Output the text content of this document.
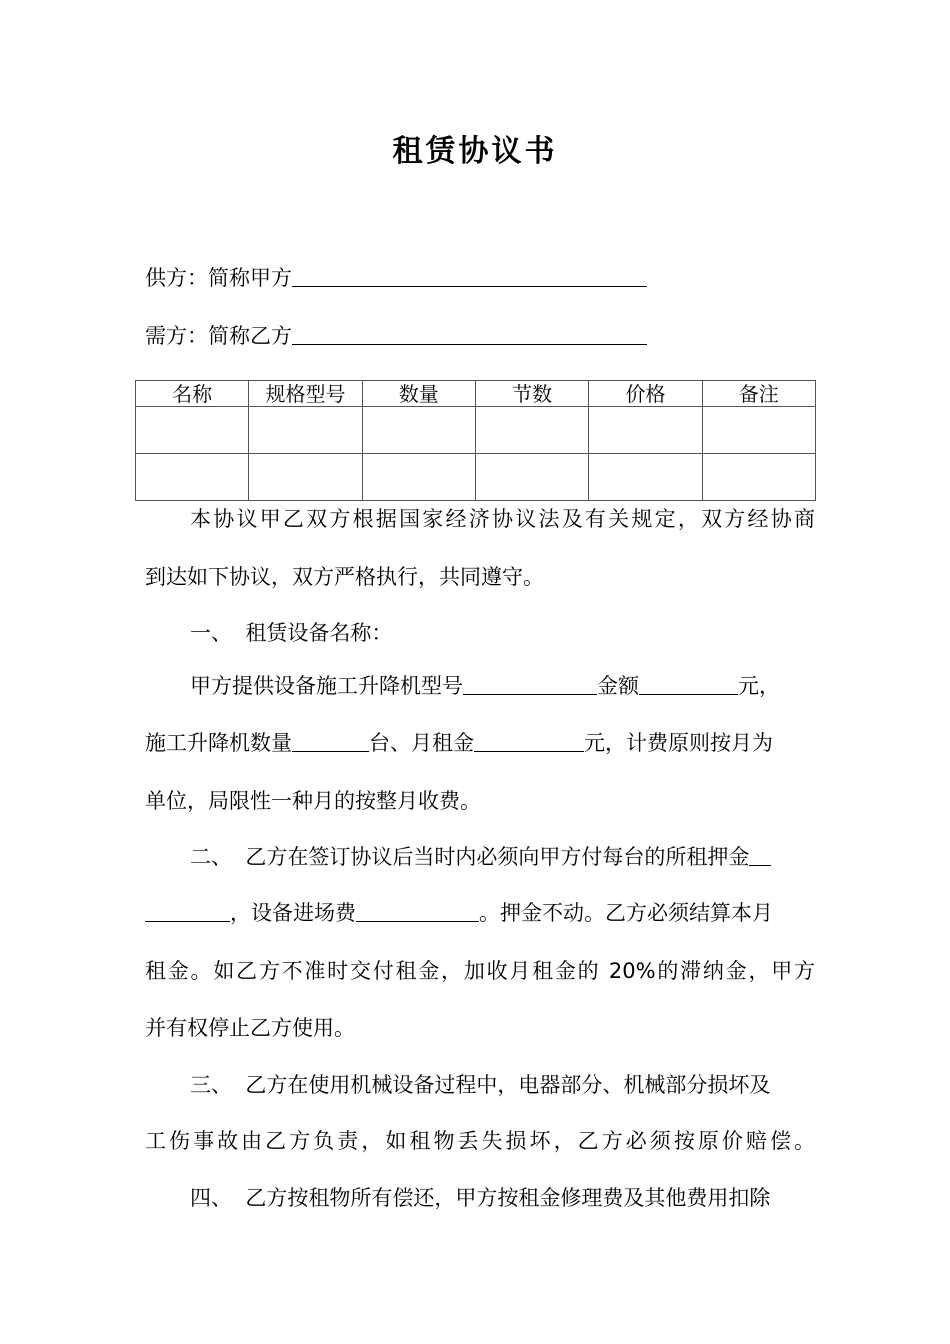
租赁协议书
供方：简称甲方
需方：简称乙方
名称	规格型号	数量	节数	价格	备注

本协议甲乙双方根据国家经济协议法及有关规定，双方经协商
到达如下协议，双方严格执行，共同遵守。
一、  租赁设备名称：
甲方提供设备施工升降机型号	金额	元，
施工升降机数量	台、月租金	元，计费原则按月为
单位，局限性一种月的按整月收费。
二、  乙方在签订协议后当时内必须向甲方付每台的所租押金
，设备进场费	。押金不动。乙方必须结算本月
租金。如乙方不准时交付租金，加收月租金的 20%的滞纳金，甲方
并有权停止乙方使用。
三、  乙方在使用机械设备过程中，电器部分、机械部分损坏及
工伤事故由乙方负责，如租物丢失损坏，乙方必须按原价赔偿。
四、  乙方按租物所有偿还，甲方按租金修理费及其他费用扣除
